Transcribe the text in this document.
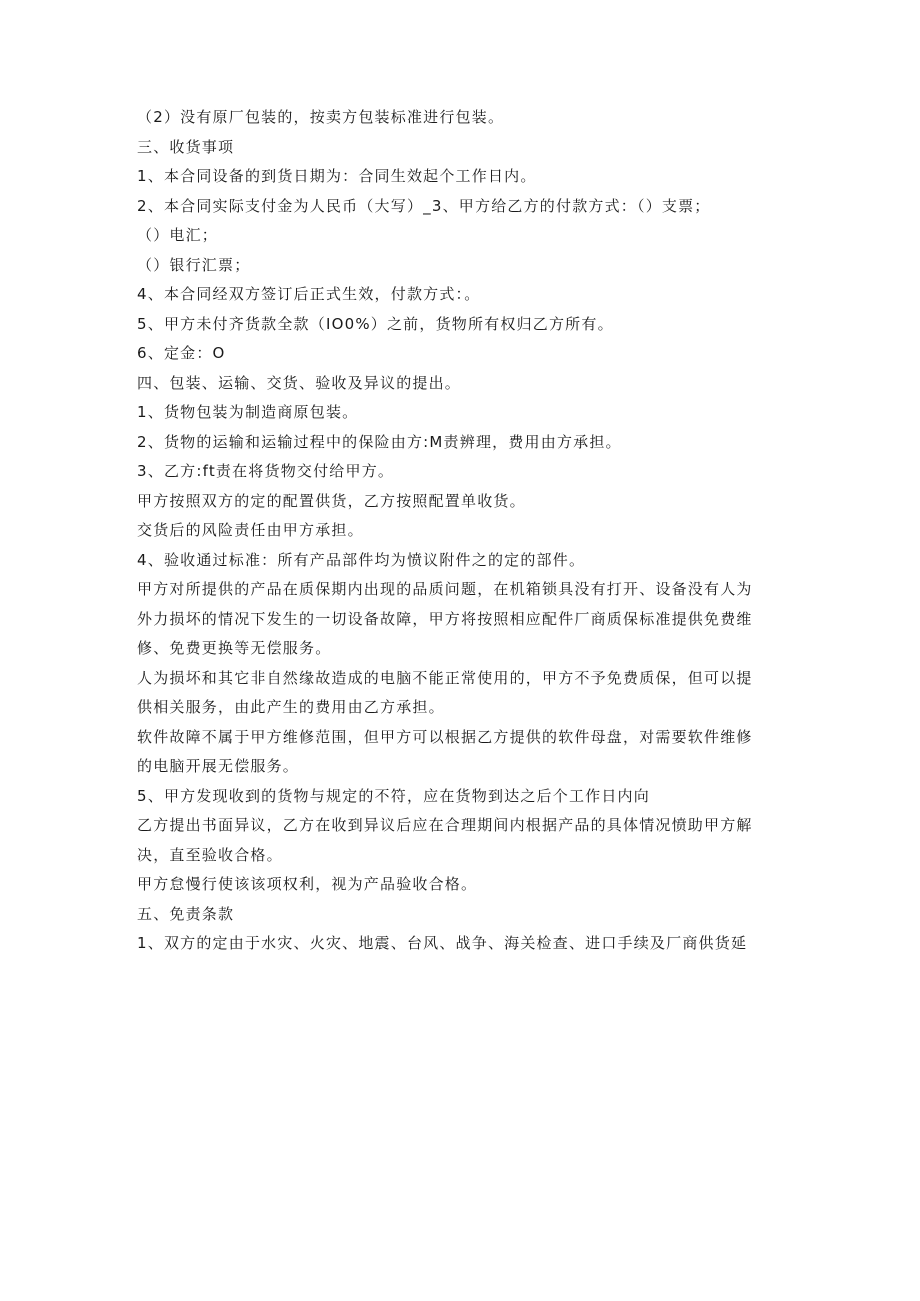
（2）没有原厂包装的，按卖方包装标准进行包装。

三、收货事项

1、本合同设备的到货日期为：合同生效起个工作日内。

2、本合同实际支付金为人民币（大写）_3、甲方给乙方的付款方式：（）支票；

（）电汇；

（）银行汇票；

4、本合同经双方签订后正式生效，付款方式：。

5、甲方未付齐货款全款（IO0%）之前，货物所有权归乙方所有。

6、定金：O

四、包装、运输、交货、验收及异议的提出。

1、货物包装为制造商原包装。

2、货物的运输和运输过程中的保险由方:M责辨理，费用由方承担。

3、乙方:ft责在将货物交付给甲方。

甲方按照双方的定的配置供货，乙方按照配置单收货。

交货后的风险责任由甲方承担。

4、验收通过标准：所有产品部件均为愤议附件之的定的部件。

甲方对所提供的产品在质保期内出现的品质问题，在机箱锁具没有打开、设备没有人为

外力损坏的情况下发生的一切设备故障，甲方将按照相应配件厂商质保标准提供免费维

修、免费更换等无偿服务。

人为损坏和其它非自然缘故造成的电脑不能正常使用的，甲方不予免费质保，但可以提

供相关服务，由此产生的费用由乙方承担。

软件故障不属于甲方维修范围，但甲方可以根据乙方提供的软件母盘，对需要软件维修

的电脑开展无偿服务。

5、甲方发现收到的货物与规定的不符，应在货物到达之后个工作日内向

乙方提出书面异议，乙方在收到异议后应在合理期间内根据产品的具体情况愤助甲方解

决，直至验收合格。

甲方怠慢行使该该项权利，视为产品验收合格。

五、免责条款

1、双方的定由于水灾、火灾、地震、台风、战争、海关检查、进口手续及厂商供货延
